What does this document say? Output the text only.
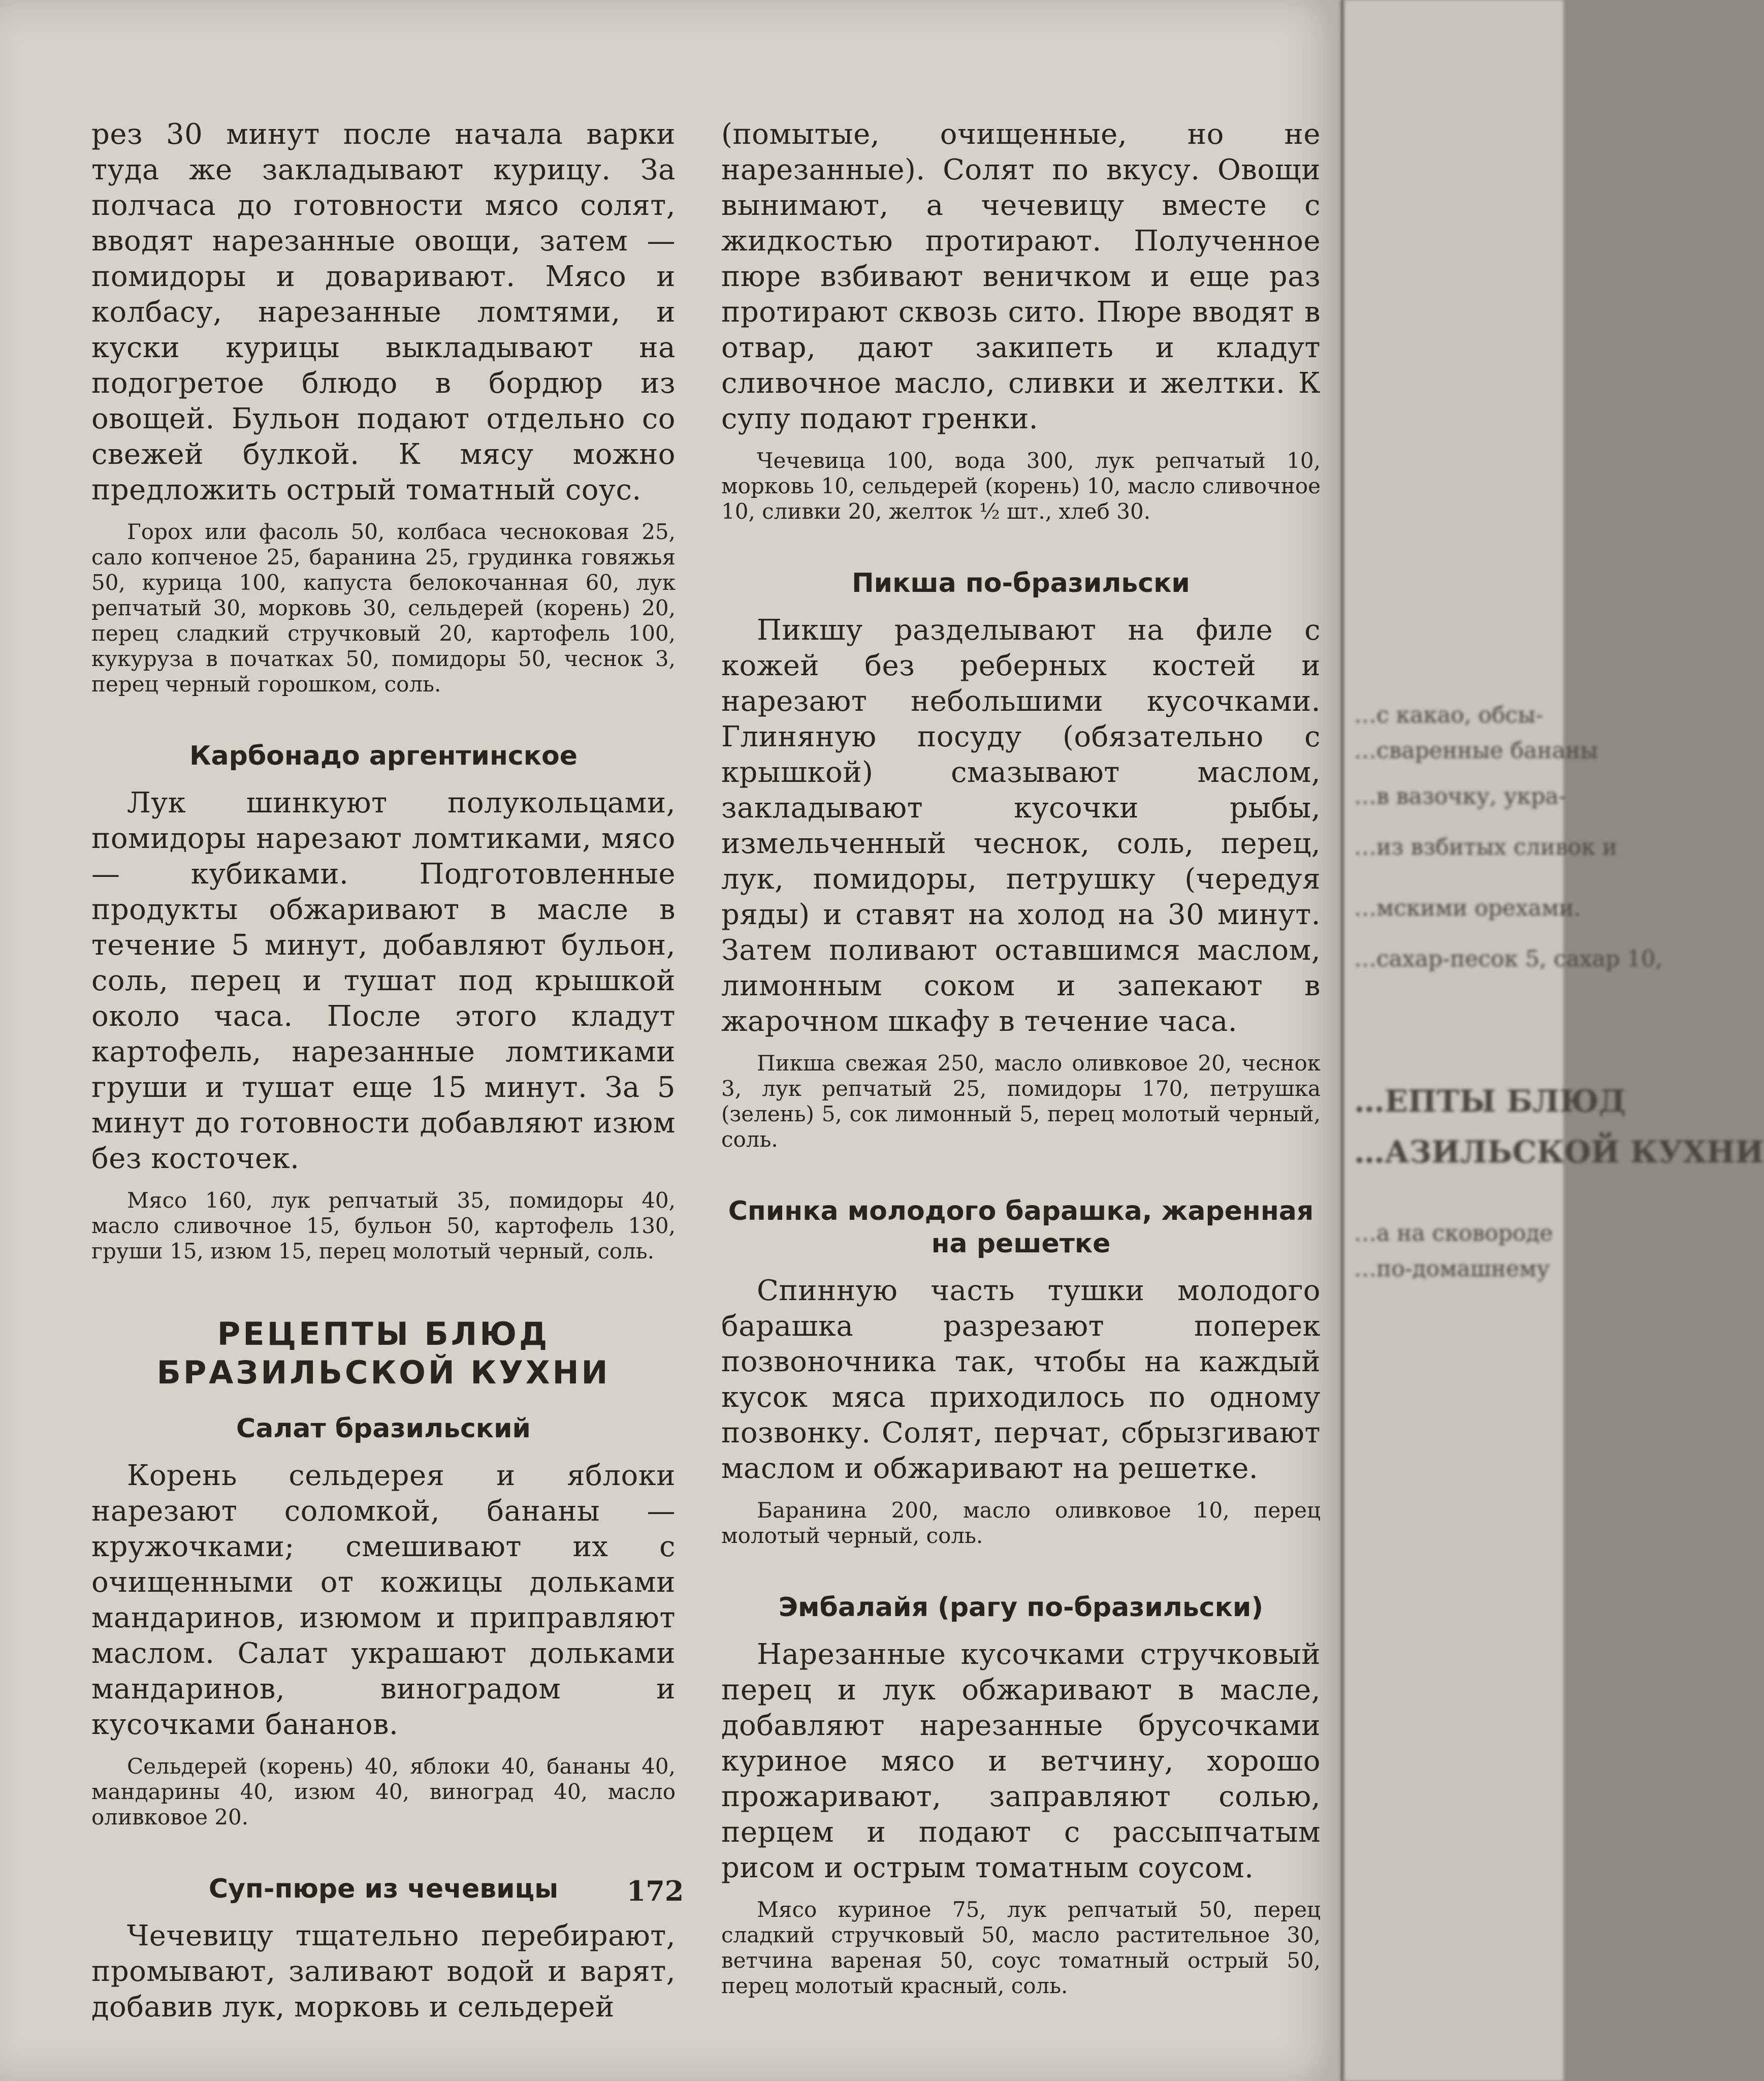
рез 30 минут после начала варки туда же закладывают курицу. За полчаса до готовности мясо солят, вводят нарезанные овощи, затем — помидоры и доваривают. Мясо и колбасу, нарезанные ломтями, и куски курицы выкладывают на подогретое блюдо в бордюр из овощей. Бульон подают отдельно со свежей булкой. К мясу можно предложить острый томатный соус.

Горох или фасоль 50, колбаса чесноковая 25, сало копченое 25, баранина 25, грудинка говяжья 50, курица 100, капуста белокочанная 60, лук репчатый 30, морковь 30, сельдерей (корень) 20, перец сладкий стручковый 20, картофель 100, кукуруза в початках 50, помидоры 50, чеснок 3, перец черный горошком, соль.

Карбонадо аргентинское

Лук шинкуют полукольцами, помидоры нарезают ломтиками, мясо — кубиками. Подготовленные продукты обжаривают в масле в течение 5 минут, добавляют бульон, соль, перец и тушат под крышкой около часа. После этого кладут картофель, нарезанные ломтиками груши и тушат еще 15 минут. За 5 минут до готовности добавляют изюм без косточек.

Мясо 160, лук репчатый 35, помидоры 40, масло сливочное 15, бульон 50, картофель 130, груши 15, изюм 15, перец молотый черный, соль.

РЕЦЕПТЫ БЛЮД
БРАЗИЛЬСКОЙ КУХНИ
Салат бразильский

Корень сельдерея и яблоки нарезают соломкой, бананы — кружочками; смешивают их с очищенными от кожицы дольками мандаринов, изюмом и приправляют маслом. Салат украшают дольками мандаринов, виноградом и кусочками бананов.

Сельдерей (корень) 40, яблоки 40, бананы 40, мандарины 40, изюм 40, виноград 40, масло оливковое 20.

Суп-пюре из чечевицы

Чечевицу тщательно перебирают, промывают, заливают водой и варят, добавив лук, морковь и сельдерей

(помытые, очищенные, но не нарезанные). Солят по вкусу. Овощи вынимают, а чечевицу вместе с жидкостью протирают. Полученное пюре взбивают веничком и еще раз протирают сквозь сито. Пюре вводят в отвар, дают закипеть и кладут сливочное масло, сливки и желтки. К супу подают гренки.

Чечевица 100, вода 300, лук репчатый 10, морковь 10, сельдерей (корень) 10, масло сливочное 10, сливки 20, желток ½ шт., хлеб 30.

Пикша по-бразильски

Пикшу разделывают на филе с кожей без реберных костей и нарезают небольшими кусочками. Глиняную посуду (обязательно с крышкой) смазывают маслом, закладывают кусочки рыбы, измельченный чеснок, соль, перец, лук, помидоры, петрушку (чередуя ряды) и ставят на холод на 30 минут. Затем поливают оставшимся маслом, лимонным соком и запекают в жарочном шкафу в течение часа.

Пикша свежая 250, масло оливковое 20, чеснок 3, лук репчатый 25, помидоры 170, петрушка (зелень) 5, сок лимонный 5, перец молотый черный, соль.

Спинка молодого барашка, жаренная на решетке

Спинную часть тушки молодого барашка разрезают поперек позвоночника так, чтобы на каждый кусок мяса приходилось по одному позвонку. Солят, перчат, сбрызгивают маслом и обжаривают на решетке.

Баранина 200, масло оливковое 10, перец молотый черный, соль.

Эмбалайя (рагу по-бразильски)

Нарезанные кусочками стручковый перец и лук обжаривают в масле, добавляют нарезанные брусочками куриное мясо и ветчину, хорошо прожаривают, заправляют солью, перцем и подают с рассыпчатым рисом и острым томатным соусом.

Мясо куриное 75, лук репчатый 50, перец сладкий стручковый 50, масло растительное 30, ветчина вареная 50, соус томатный острый 50, перец молотый красный, соль.

172
…с какао, обсы-
…сваренные бананы
…в вазочку, укра-
…из взбитых сливок и
…мскими орехами.
…сахар-песок 5, сахар 10,
…ЕПТЫ БЛЮД
…АЗИЛЬСКОЙ КУХНИ
…а на сковороде
…по-домашнему
